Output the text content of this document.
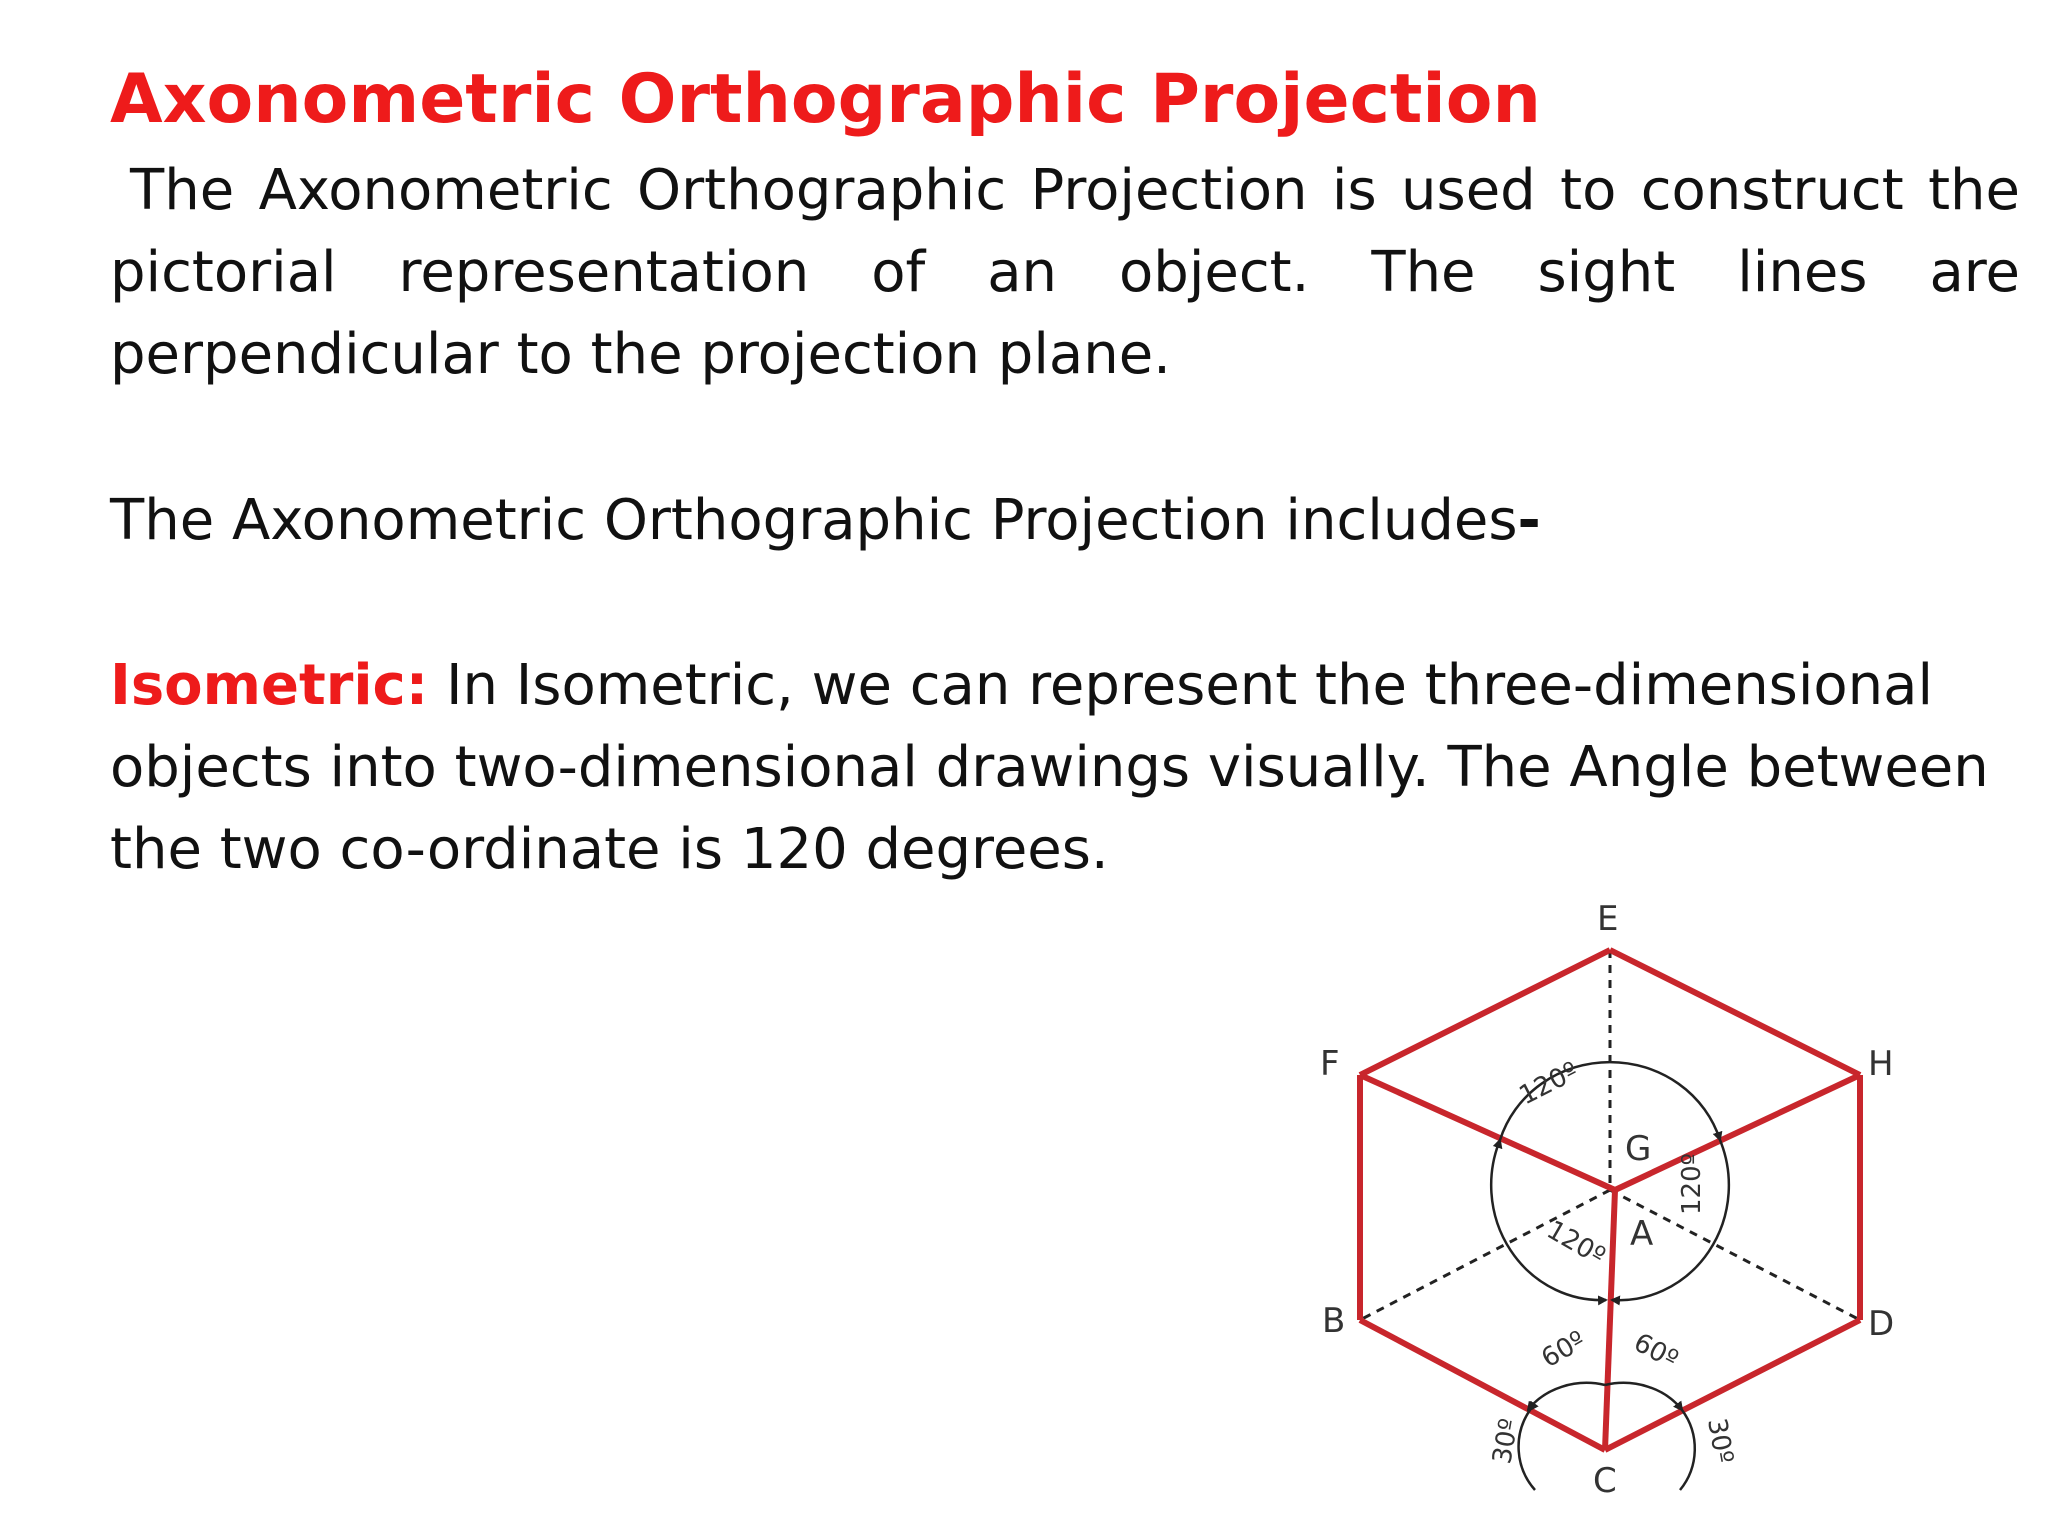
Axonometric Orthographic Projection
The Axonometric Orthographic Projection is used to construct the pictorial representation of an object. The sight lines are perpendicular to the projection plane.
The Axonometric Orthographic Projection includes-
Isometric: In Isometric, we can represent the three-dimensional objects into two-dimensional drawings visually. The Angle between the two co-ordinate is 120 degrees.
E
F	H
G
A
B	D
C
120º
120º
120º
60º 60º
30º	30º
